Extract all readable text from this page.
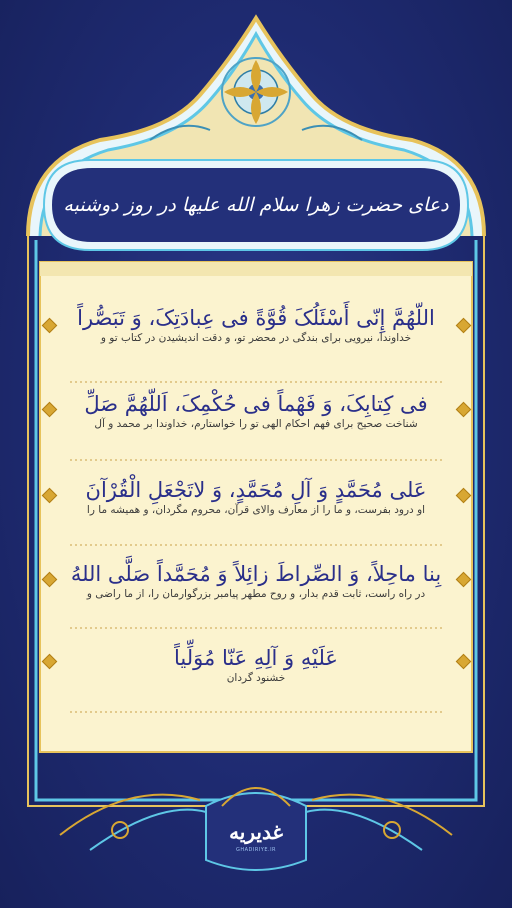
دعای حضرت زهرا سلام الله علیها در روز دوشنبه
اللّهُمَّ إِنّی أَسْئَلُکَ قُوَّةً فی عِبادَتِکَ، وَ تَبَصُّراً
خداوندا، نیرویی برای بندگی در محضر تو، و دقت اندیشیدن در کتاب تو و
فی کِتابِکَ، وَ فَهْماً فی حُکْمِکَ، اَللّهُمَّ صَلِّ
شناخت صحیح برای فهم احکام الهی تو را خواستارم، خداوندا بر محمد و آل
عَلی مُحَمَّدٍ وَ آلِ مُحَمَّدٍ، وَ لاتَجْعَلِ الْقُرْآنَ
او درود بفرست، و ما را از معارف والای قرآن، محروم مگردان، و همیشه ما را
بِنا ماحِلاً، وَ الصِّراطَ زائِلاً وَ مُحَمَّداً صَلَّی اللهُ
در راه راست، ثابت قدم بدار، و روح مطهر پیامبر بزرگوارمان را، از ما راضی و
عَلَیْهِ وَ آلِهِ عَنّا مُوَلِّیاً
خشنود گردان
غدیریه
GHADIRIYE.IR
